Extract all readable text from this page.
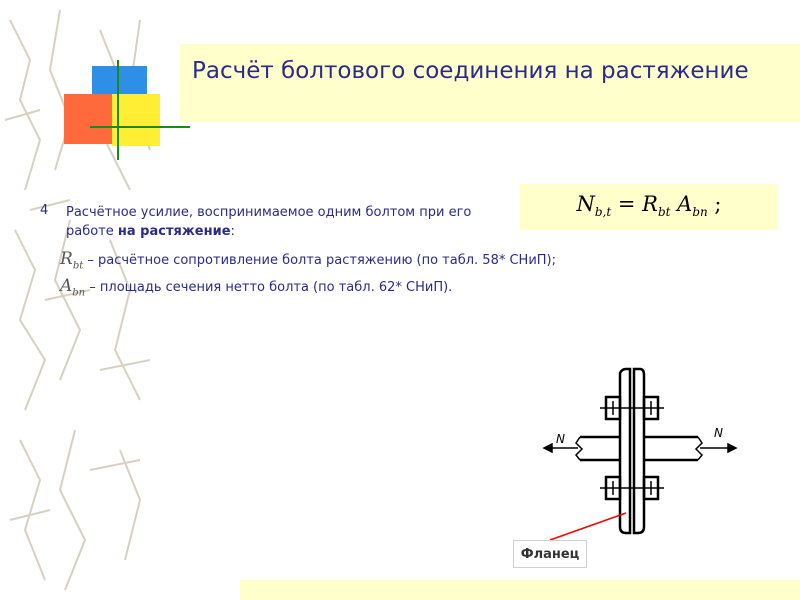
Расчёт болтового соединения на растяжение
$N_{b,t} = R_{bt}$ $A_{bn}$ ;
4 Расчётное усилие, воспринимаемое одним болтом при его работе на растяжение:
$R_{bt}$ – расчётное сопротивление болта растяжению (по табл. 58* СНиП);
$A_{bn}$ – площадь сечения нетто болта (по табл. 62* СНиП).
N	N
Фланец
